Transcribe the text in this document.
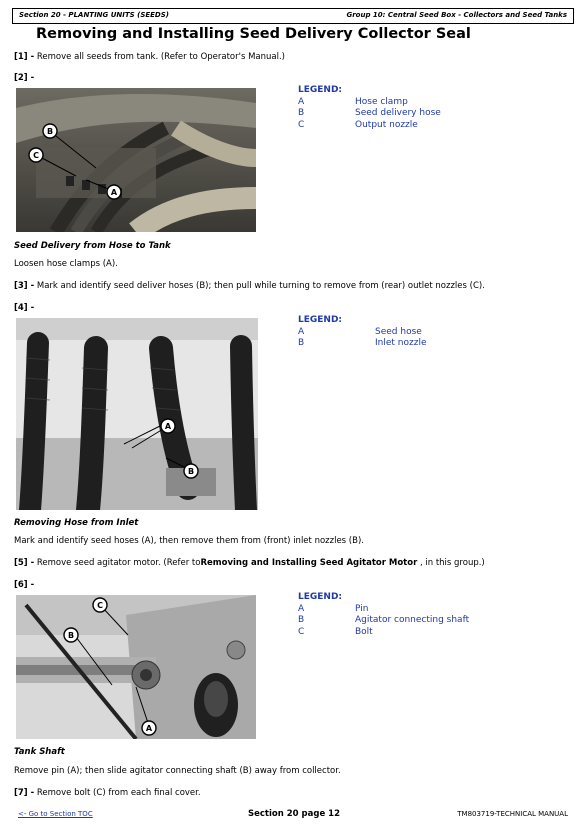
Section 20 - PLANTING UNITS (SEEDS)	Group 10: Central Seed Box - Collectors and Seed Tanks
Removing and Installing Seed Delivery Collector Seal
[1] - Remove all seeds from tank. (Refer to Operator's Manual.)
[2] -
B
C
A
LEGEND:
A	Hose clamp
B	Seed delivery hose
C	Output nozzle
Seed Delivery from Hose to Tank
Loosen hose clamps (A).
[3] - Mark and identify seed deliver hoses (B); then pull while turning to remove from (rear) outlet nozzles (C).
[4] -
A
B
LEGEND:
A	Seed hose
B	Inlet nozzle
Removing Hose from Inlet
Mark and identify seed hoses (A), then remove them from (front) inlet nozzles (B).
[5] - Remove seed agitator motor. (Refer toRemoving and Installing Seed Agitator Motor , in this group.)
[6] -
C
B
A
LEGEND:
A	Pin
B	Agitator connecting shaft
C	Bolt
Tank Shaft
Remove pin (A); then slide agitator connecting shaft (B) away from collector.
[7] - Remove bolt (C) from each final cover.
<- Go to Section TOC	Section 20 page 12	TM803719-TECHNICAL MANUAL
